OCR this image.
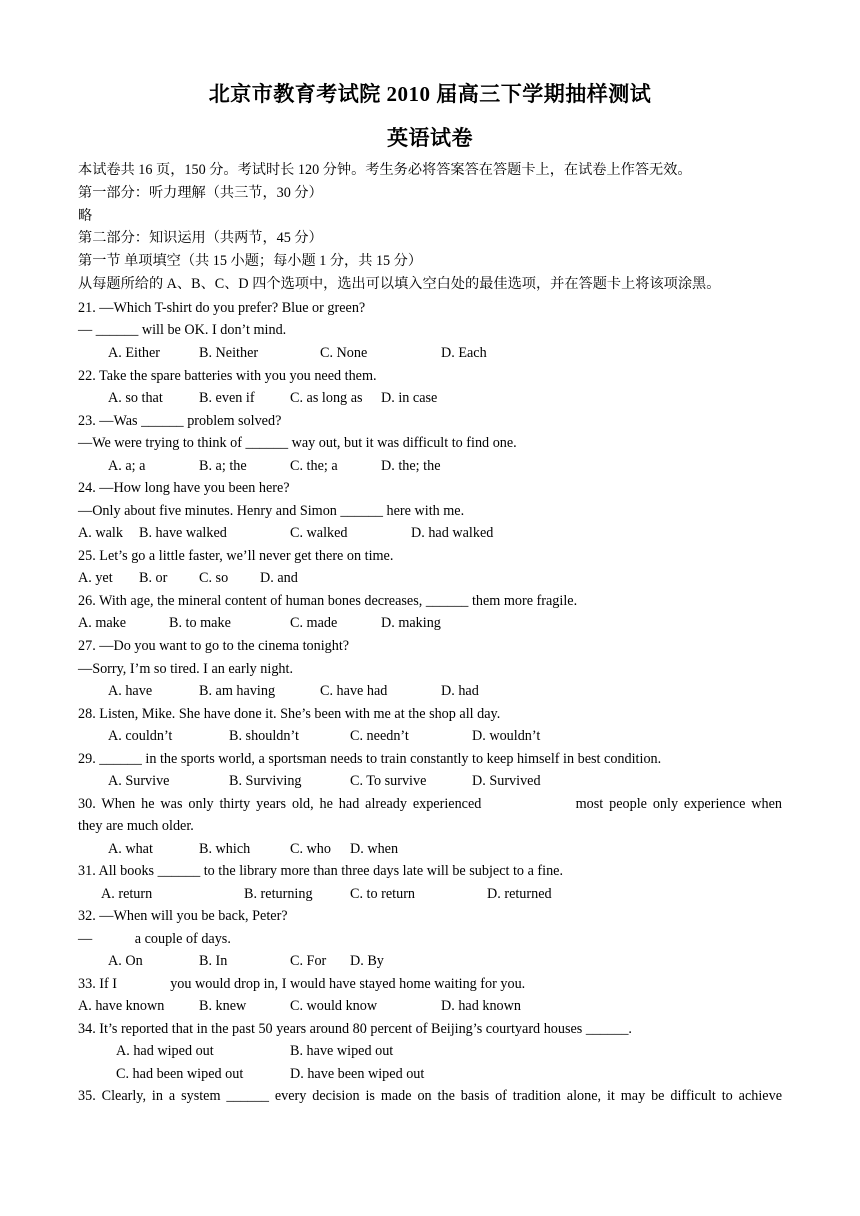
北京市教育考试院 2010 届高三下学期抽样测试
英语试卷
本试卷共 16 页，150 分。考试时长 120 分钟。考生务必将答案答在答题卡上，在试卷上作答无效。
第一部分：听力理解（共三节，30 分）
略
第二部分：知识运用（共两节，45 分）
第一节 单项填空（共 15 小题；每小题 1 分，共 15 分）
从每题所给的 A、B、C、D 四个选项中，选出可以填入空白处的最佳选项，并在答题卡上将该项涂黑。
21. —Which T-shirt do you prefer? Blue or green?
— ______ will be OK. I don’t mind.
A. Either	B. Neither	C. None	D. Each
22. Take the spare batteries with you you need them.
A. so that	B. even if C. as long as D. in case
23. —Was ______ problem solved?
—We were trying to think of ______ way out, but it was difficult to find one.
A. a; a	B. a; the	C. the; a	D. the; the
24. —How long have you been here?
—Only about five minutes. Henry and Simon ______ here with me.
A. walk B. have walked	C. walked	D. had walked
25. Let’s go a little faster, we’ll never get there on time.
A. yet B. or C. so D. and
26. With age, the mineral content of human bones decreases, ______ them more fragile.
A. make	B. to make	C. made	D. making
27. —Do you want to go to the cinema tonight?
—Sorry, I’m so tired. I an early night.
A. have	B. am having	C. have had	D. had
28. Listen, Mike. She have done it. She’s been with me at the shop all day.
A. couldn’t	B. shouldn’t	C. needn’t	D. wouldn’t
29. ______ in the sports world, a sportsman needs to train constantly to keep himself in best condition.
A. Survive	B. Surviving	C. To survive	D. Survived
30. When he was only thirty years old, he had already experienced                most people only experience when
they are much older.
A. what	B. which	C. who D. when
31. All books ______ to the library more than three days late will be subject to a fine.
A. return	B. returning	C. to return	D. returned
32. —When will you be back, Peter?
—            a couple of days.
A. On	B. In	C. For D. By
33. If I               you would drop in, I would have stayed home waiting for you.
A. have known B. knew	C. would know	D. had known
34. It’s reported that in the past 50 years around 80 percent of Beijing’s courtyard houses ______.
A. had wiped out	B. have wiped out
C. had been wiped out	D. have been wiped out
35. Clearly, in a system ______ every decision is made on the basis of tradition alone, it may be difficult to achieve
